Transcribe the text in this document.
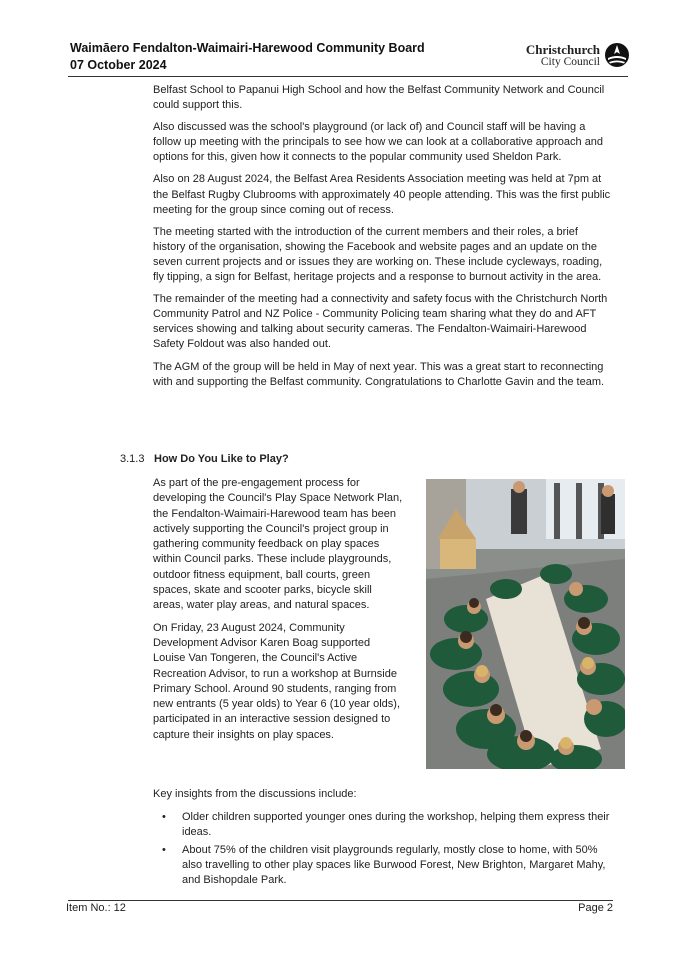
Waimāero Fendalton-Waimairi-Harewood Community Board
07 October 2024
Christchurch
City Council

Belfast School to Papanui High School and how the Belfast Community Network and Council could support this.

Also discussed was the school's playground (or lack of) and Council staff will be having a follow up meeting with the principals to see how we can look at a collaborative approach and options for this, given how it connects to the popular community used Sheldon Park.

Also on 28 August 2024, the Belfast Area Residents Association meeting was held at 7pm at the Belfast Rugby Clubrooms with approximately 40 people attending. This was the first public meeting for the group since coming out of recess.

The meeting started with the introduction of the current members and their roles, a brief history of the organisation, showing the Facebook and website pages and an update on the seven current projects and or issues they are working on. These include cycleways, roading, fly tipping, a sign for Belfast, heritage projects and a response to burnout activity in the area.

The remainder of the meeting had a connectivity and safety focus with the Christchurch North Community Patrol and NZ Police - Community Policing team sharing what they do and AFT services showing and talking about security cameras. The Fendalton-Waimairi-Harewood Safety Foldout was also handed out.

The AGM of the group will be held in May of next year. This was a great start to reconnecting with and supporting the Belfast community. Congratulations to Charlotte Gavin and the team.

3.1.3 How Do You Like to Play?

As part of the pre-engagement process for developing the Council's Play Space Network Plan, the Fendalton-Waimairi-Harewood team has been actively supporting the Council's project group in gathering community feedback on play spaces within Council parks. These include playgrounds, outdoor fitness equipment, ball courts, green spaces, skate and scooter parks, bicycle skill areas, water play areas, and natural spaces.

On Friday, 23 August 2024, Community Development Advisor Karen Boag supported Louise Van Tongeren, the Council's Active Recreation Advisor, to run a workshop at Burnside Primary School. Around 90 students, ranging from new entrants (5 year olds) to Year 6 (10 year olds), participated in an interactive session designed to capture their insights on play spaces.

Key insights from the discussions include:
• Older children supported younger ones during the workshop, helping them express their ideas.
• About 75% of the children visit playgrounds regularly, mostly close to home, with 50% also travelling to other play spaces like Burwood Forest, New Brighton, Margaret Mahy, and Bishopdale Park.
Item No.: 12	Page 2
